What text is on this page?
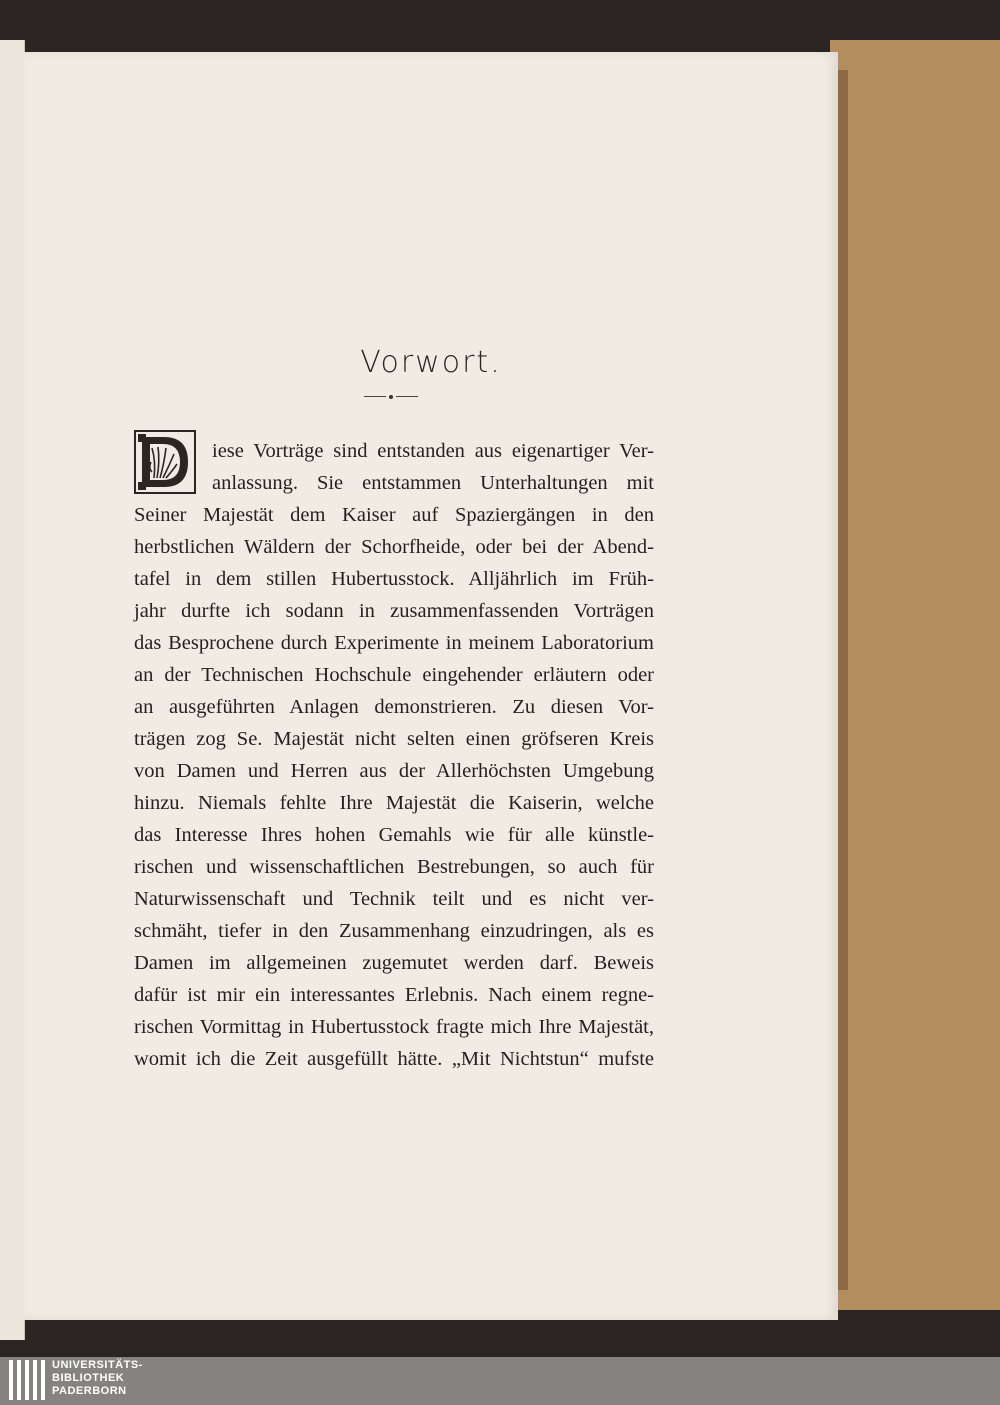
Vorwort.
iese Vorträge sind entstanden aus eigenartiger Ver-
anlassung. Sie entstammen Unterhaltungen mit
Seiner Majestät dem Kaiser auf Spaziergängen in den
herbstlichen Wäldern der Schorfheide, oder bei der Abend-
tafel in dem stillen Hubertusstock. Alljährlich im Früh-
jahr durfte ich sodann in zusammenfassenden Vorträgen
das Besprochene durch Experimente in meinem Laboratorium
an der Technischen Hochschule eingehender erläutern oder
an ausgeführten Anlagen demonstrieren. Zu diesen Vor-
trägen zog Se. Majestät nicht selten einen gröfseren Kreis
von Damen und Herren aus der Allerhöchsten Umgebung
hinzu. Niemals fehlte Ihre Majestät die Kaiserin, welche
das Interesse Ihres hohen Gemahls wie für alle künstle-
rischen und wissenschaftlichen Bestrebungen, so auch für
Naturwissenschaft und Technik teilt und es nicht ver-
schmäht, tiefer in den Zusammenhang einzudringen, als es
Damen im allgemeinen zugemutet werden darf. Beweis
dafür ist mir ein interessantes Erlebnis. Nach einem regne-
rischen Vormittag in Hubertusstock fragte mich Ihre Majestät,
womit ich die Zeit ausgefüllt hätte. „Mit Nichtstun“ mufste
UNIVERSITÄTS-
BIBLIOTHEK
PADERBORN
